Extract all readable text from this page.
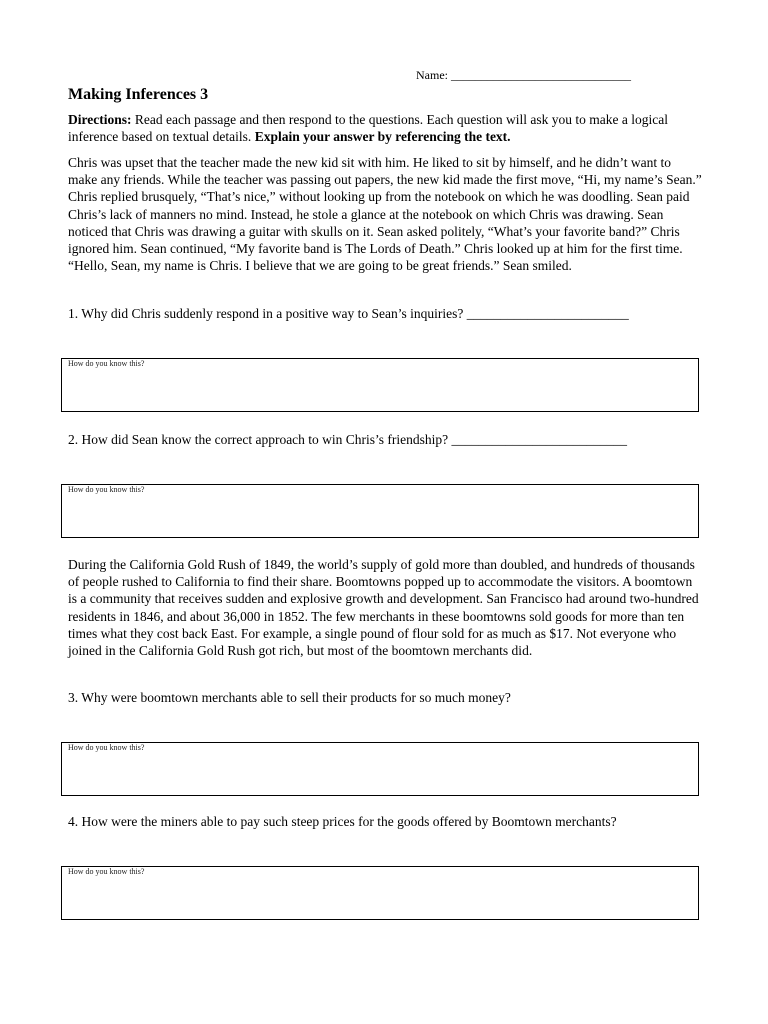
Name: ______________________________
Making Inferences 3

Directions: Read each passage and then respond to the questions. Each question will ask you to make a logical inference based on textual details. Explain your answer by referencing the text.

Chris was upset that the teacher made the new kid sit with him. He liked to sit by himself, and he didn’t want to make any friends. While the teacher was passing out papers, the new kid made the first move, “Hi, my name’s Sean.” Chris replied brusquely, “That’s nice,” without looking up from the notebook on which he was doodling. Sean paid Chris’s lack of manners no mind. Instead, he stole a glance at the notebook on which Chris was drawing. Sean noticed that Chris was drawing a guitar with skulls on it. Sean asked politely, “What’s your favorite band?” Chris ignored him. Sean continued, “My favorite band is The Lords of Death.” Chris looked up at him for the first time. “Hello, Sean, my name is Chris. I believe that we are going to be great friends.” Sean smiled.

1. Why did Chris suddenly respond in a positive way to Sean’s inquiries? ________________________

How do you know this?

2. How did Sean know the correct approach to win Chris’s friendship? __________________________

How do you know this?

During the California Gold Rush of 1849, the world’s supply of gold more than doubled, and hundreds of thousands of people rushed to California to find their share. Boomtowns popped up to accommodate the visitors. A boomtown is a community that receives sudden and explosive growth and development. San Francisco had around two-hundred residents in 1846, and about 36,000 in 1852. The few merchants in these boomtowns sold goods for more than ten times what they cost back East. For example, a single pound of flour sold for as much as $17. Not everyone who joined in the California Gold Rush got rich, but most of the boomtown merchants did.

3. Why were boomtown merchants able to sell their products for so much money?

How do you know this?

4. How were the miners able to pay such steep prices for the goods offered by Boomtown merchants?

How do you know this?
